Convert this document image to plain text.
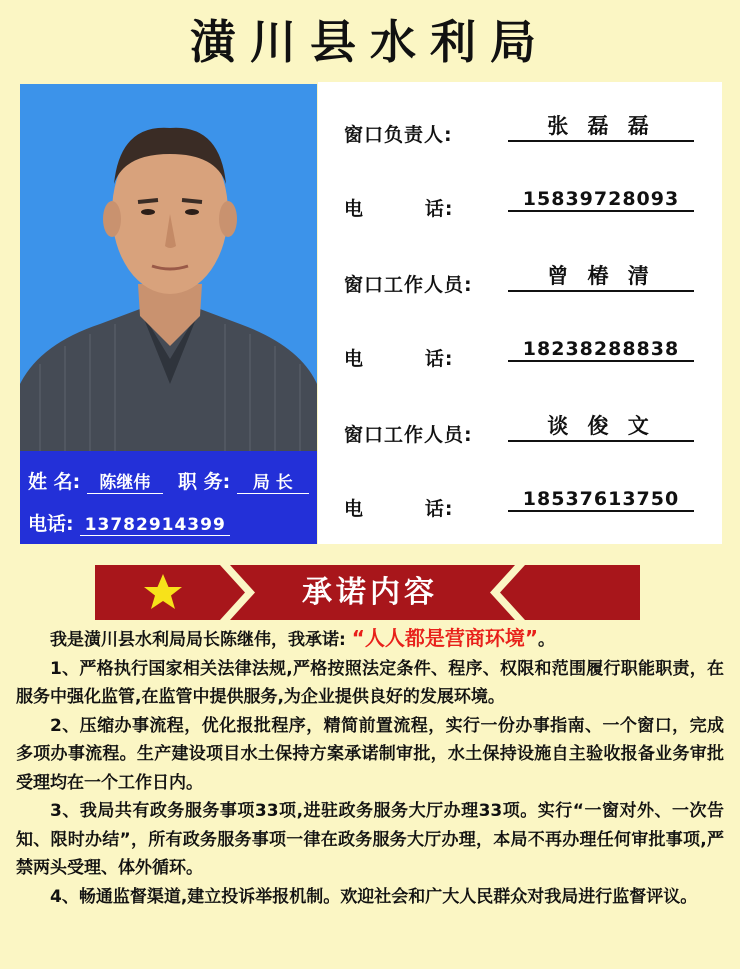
潢川县水利局
姓 名: 陈继伟	职 务: 局 长
电话: 13782914399
窗口负责人:	张 磊 磊
电        话:	15839728093
窗口工作人员:	曾 椿 清
电        话:	18238288838
窗口工作人员:	谈 俊 文
电        话:	18537613750
承诺内容

我是潢川县水利局局长陈继伟，我承诺: “人人都是营商环境”。

1、严格执行国家相关法律法规,严格按照法定条件、程序、权限和范围履行职能职责，在服务中强化监管,在监管中提供服务,为企业提供良好的发展环境。

2、压缩办事流程，优化报批程序，精简前置流程，实行一份办事指南、一个窗口，完成多项办事流程。生产建设项目水土保持方案承诺制审批，水土保持设施自主验收报备业务审批受理均在一个工作日内。

3、我局共有政务服务事项33项,进驻政务服务大厅办理33项。实行“一窗对外、一次告知、限时办结”，所有政务服务事项一律在政务服务大厅办理，本局不再办理任何审批事项,严禁两头受理、体外循环。

4、畅通监督渠道,建立投诉举报机制。欢迎社会和广大人民群众对我局进行监督评议。
